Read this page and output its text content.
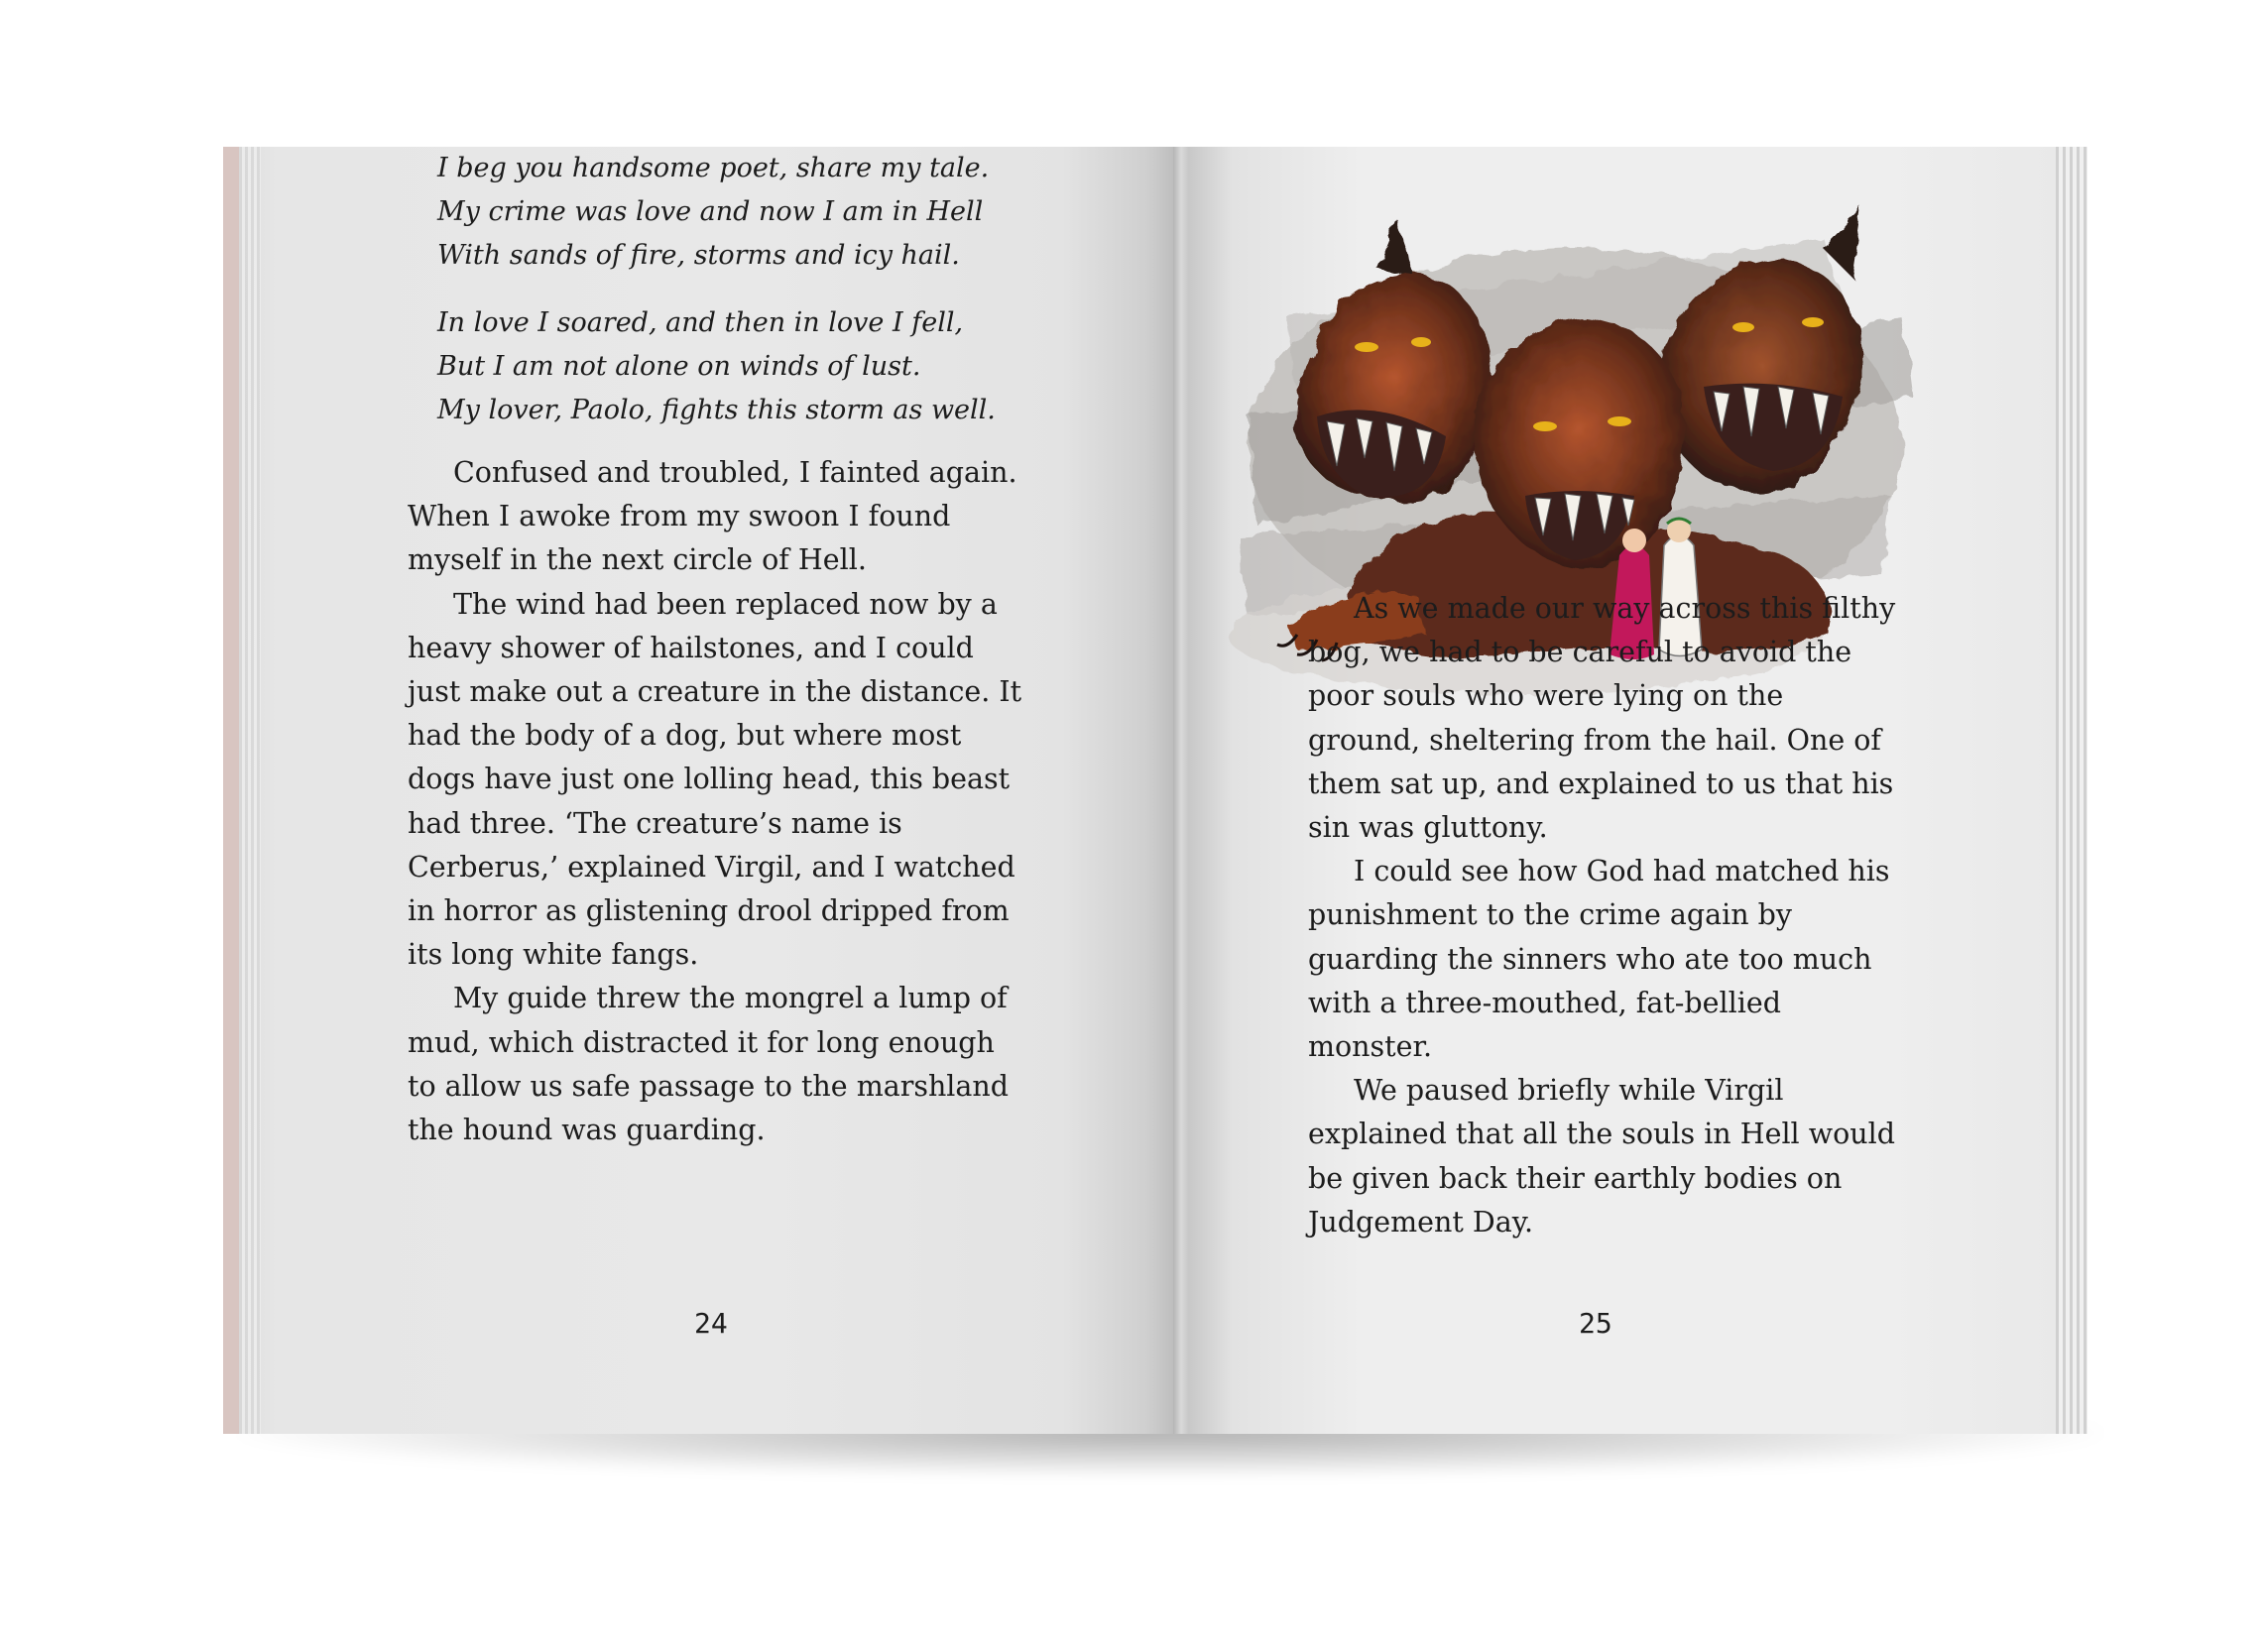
I beg you handsome poet, share my tale.

My crime was love and now I am in Hell

With sands of fire, storms and icy hail.

In love I soared, and then in love I fell,

But I am not alone on winds of lust.

My lover, Paolo, fights this storm as well.

Confused and troubled, I fainted again. When I awoke from my swoon I found myself in the next circle of Hell.

The wind had been replaced now by a heavy shower of hailstones, and I could just make out a creature in the distance. It had the body of a dog, but where most dogs have just one lolling head, this beast had three. ‘The creature’s name is Cerberus,’ explained Virgil, and I watched in horror as glistening drool dripped from its long white fangs.

My guide threw the mongrel a lump of mud, which distracted it for long enough to allow us safe passage to the marshland the hound was guarding.

24

As we made our way across this filthy bog, we had to be careful to avoid the poor souls who were lying on the ground, sheltering from the hail. One of them sat up, and explained to us that his sin was gluttony.

I could see how God had matched his punishment to the crime again by guarding the sinners who ate too much with a three-mouthed, fat-bellied monster.

We paused briefly while Virgil explained that all the souls in Hell would be given back their earthly bodies on Judgement Day.

25
